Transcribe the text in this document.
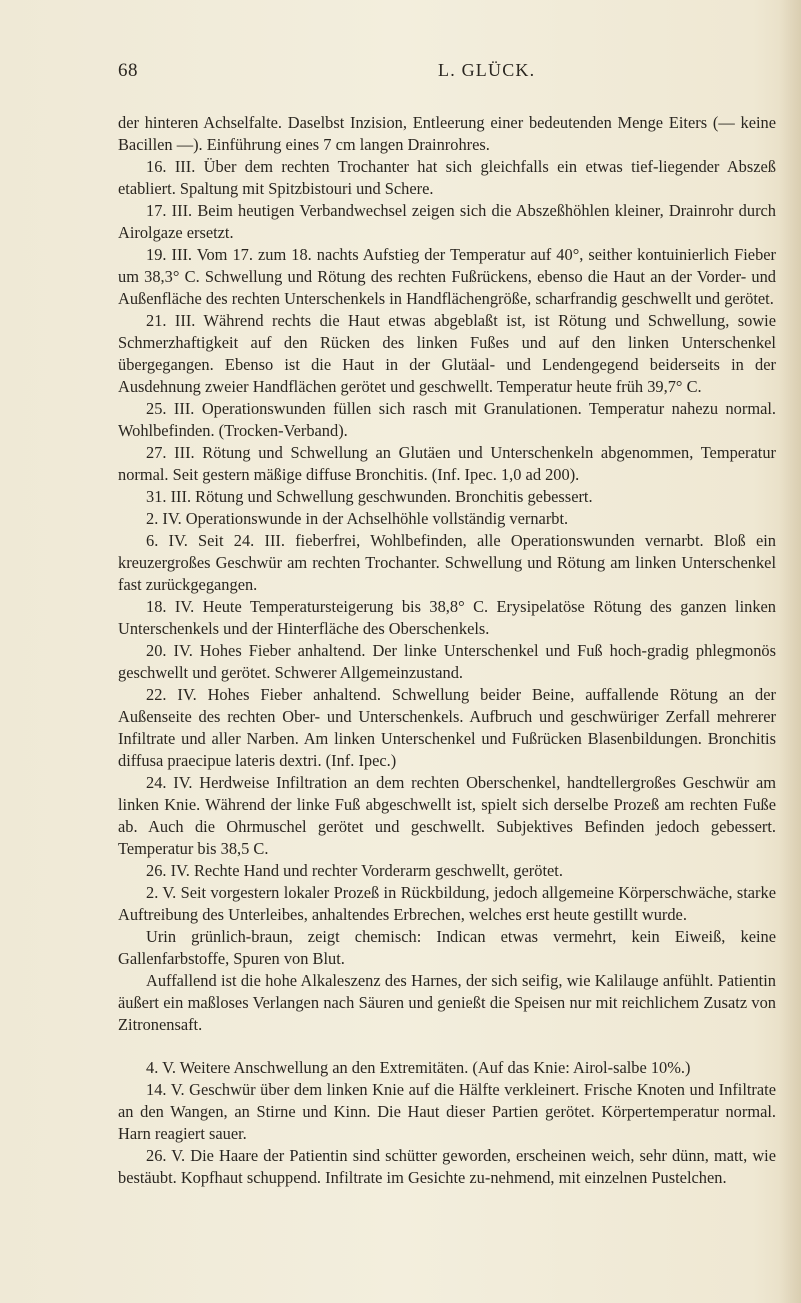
68	L. GLÜCK.

der hinteren Achselfalte. Daselbst Inzision, Entleerung einer bedeutenden Menge Eiters (— keine Bacillen —). Einführung eines 7 cm langen Drainrohres.

16. III. Über dem rechten Trochanter hat sich gleichfalls ein etwas tief-liegender Abszeß etabliert. Spaltung mit Spitzbistouri und Schere.

17. III. Beim heutigen Verbandwechsel zeigen sich die Abszeßhöhlen kleiner, Drainrohr durch Airolgaze ersetzt.

19. III. Vom 17. zum 18. nachts Aufstieg der Temperatur auf 40°, seither kontuinierlich Fieber um 38,3° C. Schwellung und Rötung des rechten Fußrückens, ebenso die Haut an der Vorder- und Außenfläche des rechten Unterschenkels in Handflächengröße, scharfrandig geschwellt und gerötet.

21. III. Während rechts die Haut etwas abgeblaßt ist, ist Rötung und Schwellung, sowie Schmerzhaftigkeit auf den Rücken des linken Fußes und auf den linken Unterschenkel übergegangen. Ebenso ist die Haut in der Glutäal- und Lendengegend beiderseits in der Ausdehnung zweier Handflächen gerötet und geschwellt. Temperatur heute früh 39,7° C.

25. III. Operationswunden füllen sich rasch mit Granulationen. Temperatur nahezu normal. Wohlbefinden. (Trocken-Verband).

27. III. Rötung und Schwellung an Glutäen und Unterschenkeln abgenommen, Temperatur normal. Seit gestern mäßige diffuse Bronchitis. (Inf. Ipec. 1,0 ad 200).

31. III. Rötung und Schwellung geschwunden. Bronchitis gebessert.

2. IV. Operationswunde in der Achselhöhle vollständig vernarbt.

6. IV. Seit 24. III. fieberfrei, Wohlbefinden, alle Operationswunden vernarbt. Bloß ein kreuzergroßes Geschwür am rechten Trochanter. Schwellung und Rötung am linken Unterschenkel fast zurückgegangen.

18. IV. Heute Temperatursteigerung bis 38,8° C. Erysipelatöse Rötung des ganzen linken Unterschenkels und der Hinterfläche des Oberschenkels.

20. IV. Hohes Fieber anhaltend. Der linke Unterschenkel und Fuß hoch-gradig phlegmonös geschwellt und gerötet. Schwerer Allgemeinzustand.

22. IV. Hohes Fieber anhaltend. Schwellung beider Beine, auffallende Rötung an der Außenseite des rechten Ober- und Unterschenkels. Aufbruch und geschwüriger Zerfall mehrerer Infiltrate und aller Narben. Am linken Unterschenkel und Fußrücken Blasenbildungen. Bronchitis diffusa praecipue lateris dextri. (Inf. Ipec.)

24. IV. Herdweise Infiltration an dem rechten Oberschenkel, handtellergroßes Geschwür am linken Knie. Während der linke Fuß abgeschwellt ist, spielt sich derselbe Prozeß am rechten Fuße ab. Auch die Ohrmuschel gerötet und geschwellt. Subjektives Befinden jedoch gebessert. Temperatur bis 38,5 C.

26. IV. Rechte Hand und rechter Vorderarm geschwellt, gerötet.

2. V. Seit vorgestern lokaler Prozeß in Rückbildung, jedoch allgemeine Körperschwäche, starke Auftreibung des Unterleibes, anhaltendes Erbrechen, welches erst heute gestillt wurde.

Urin grünlich-braun, zeigt chemisch: Indican etwas vermehrt, kein Eiweiß, keine Gallenfarbstoffe, Spuren von Blut.

Auffallend ist die hohe Alkaleszenz des Harnes, der sich seifig, wie Kalilauge anfühlt. Patientin äußert ein maßloses Verlangen nach Säuren und genießt die Speisen nur mit reichlichem Zusatz von Zitronensaft.

4. V. Weitere Anschwellung an den Extremitäten. (Auf das Knie: Airol-salbe 10%.)

14. V. Geschwür über dem linken Knie auf die Hälfte verkleinert. Frische Knoten und Infiltrate an den Wangen, an Stirne und Kinn. Die Haut dieser Partien gerötet. Körpertemperatur normal. Harn reagiert sauer.

26. V. Die Haare der Patientin sind schütter geworden, erscheinen weich, sehr dünn, matt, wie bestäubt. Kopfhaut schuppend. Infiltrate im Gesichte zu-nehmend, mit einzelnen Pustelchen.
